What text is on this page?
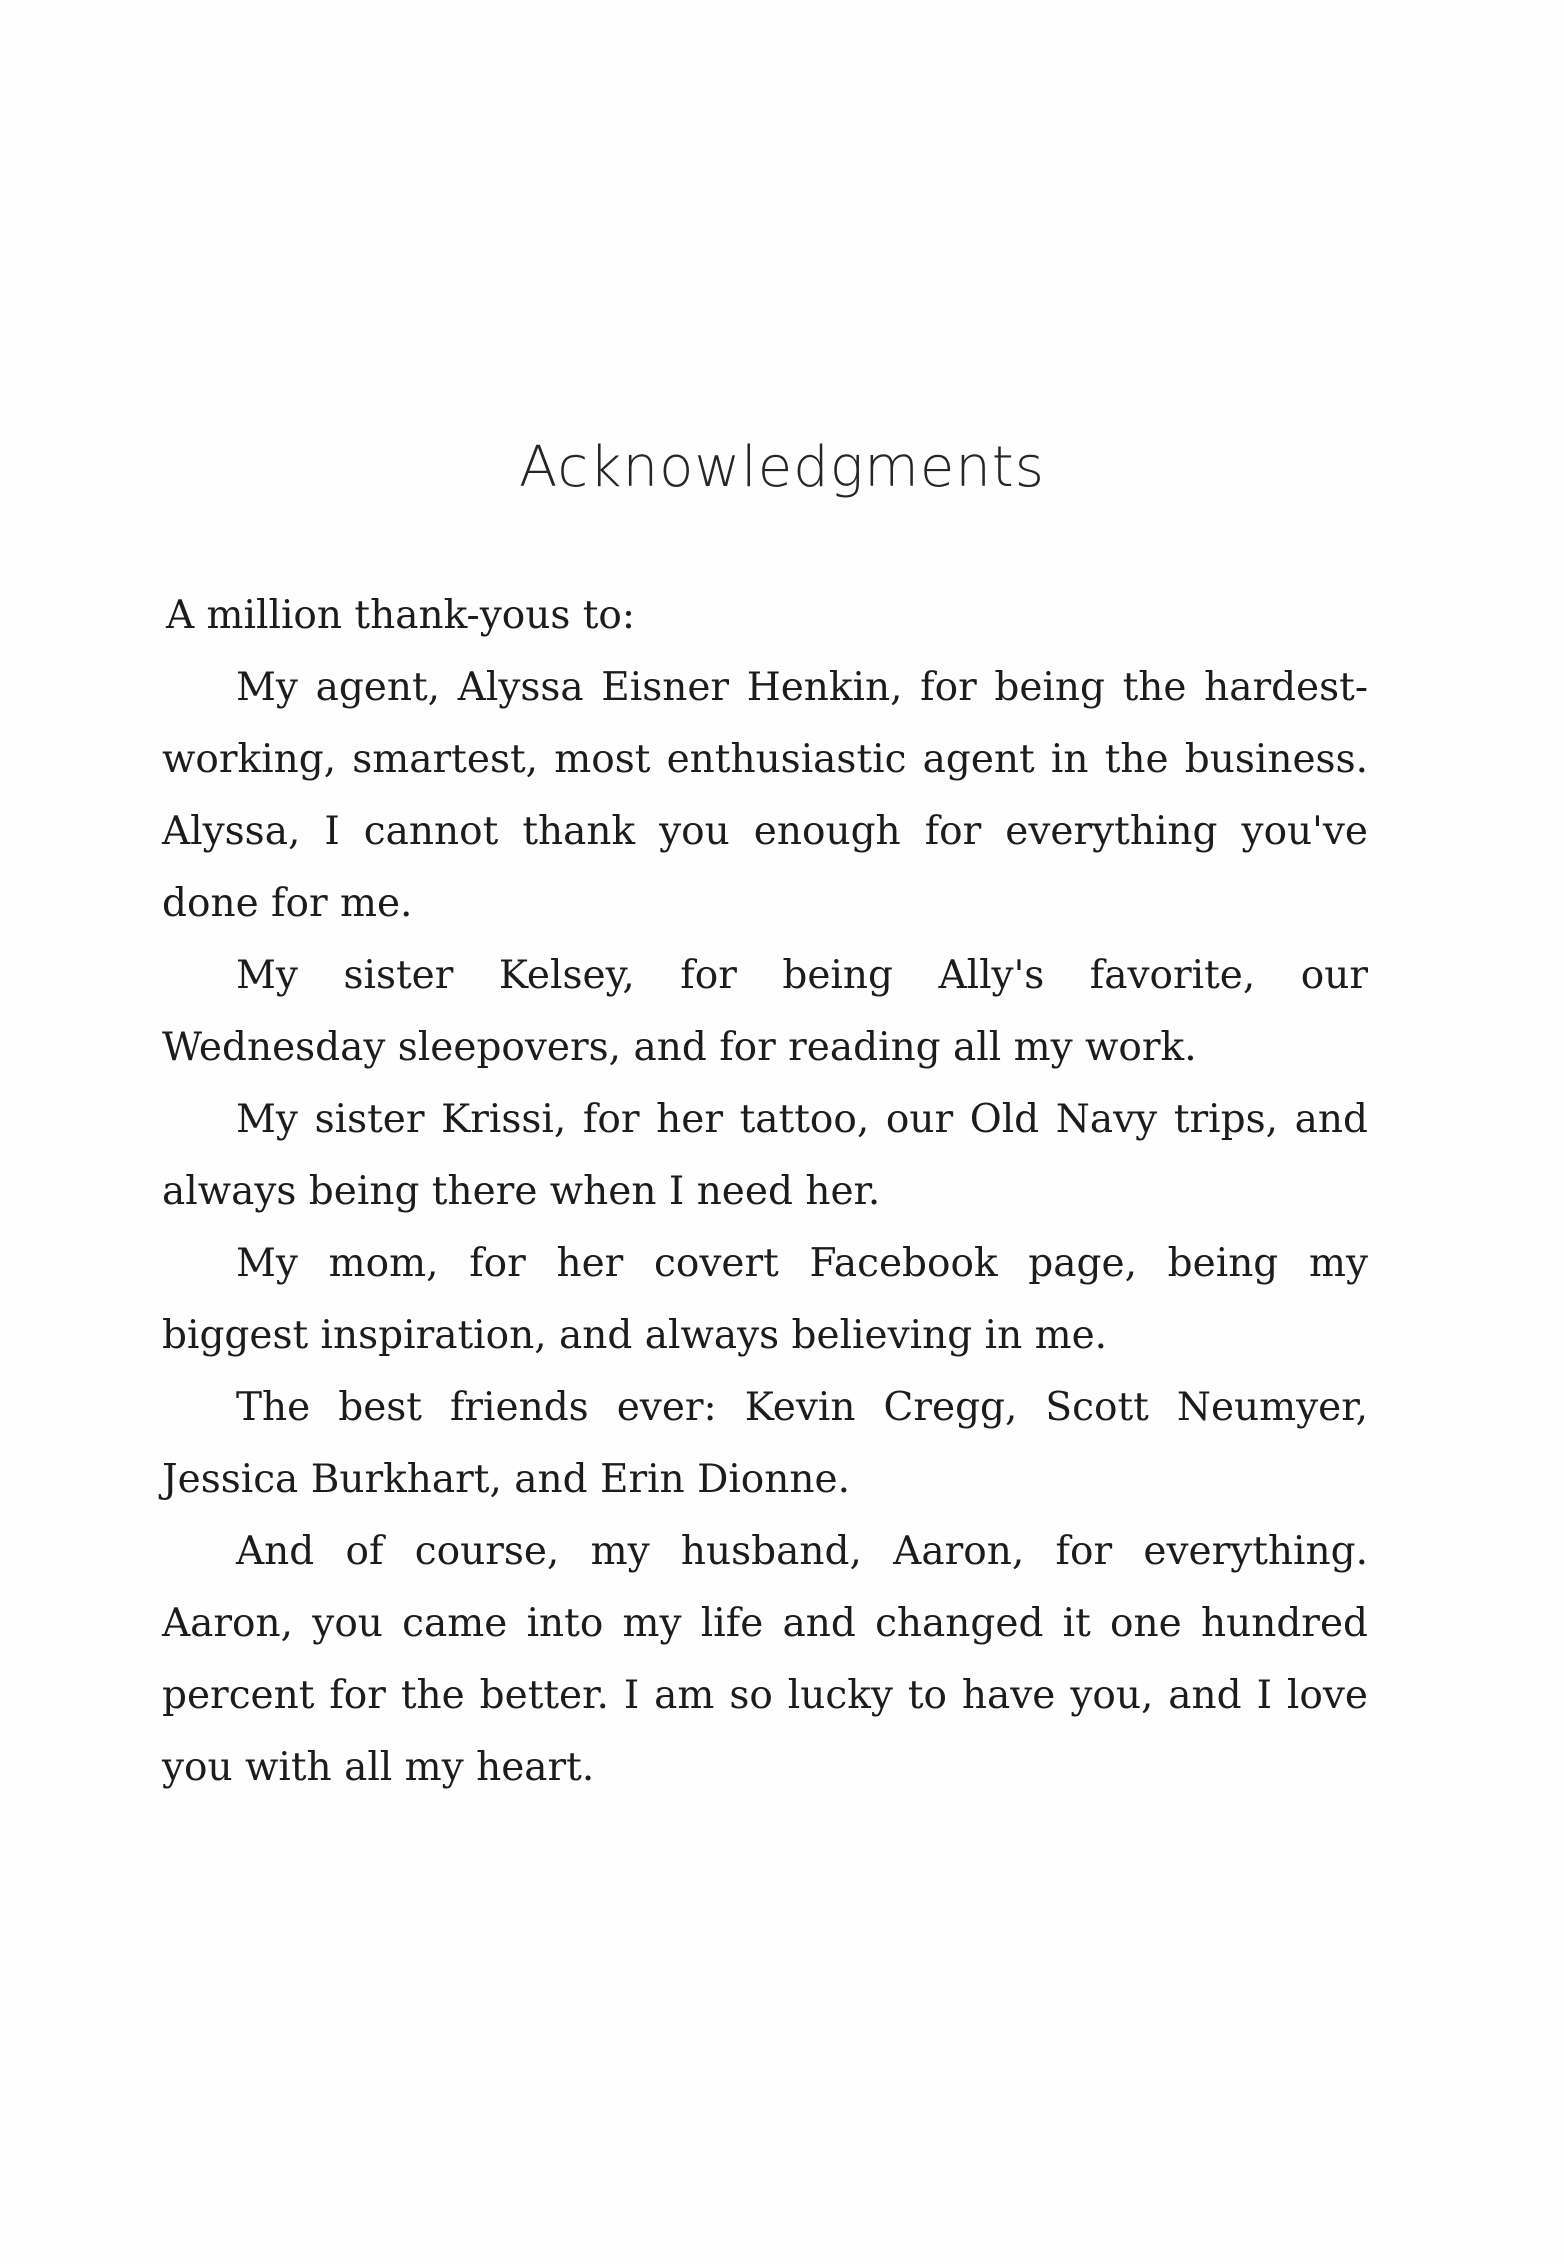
Acknowledgments

A million thank-yous to:

My agent, Alyssa Eisner Henkin, for being the hardest-working, smartest, most enthusiastic agent in the business. Alyssa, I cannot thank you enough for everything you've done for me.

My sister Kelsey, for being Ally's favorite, our Wednesday sleepovers, and for reading all my work.

My sister Krissi, for her tattoo, our Old Navy trips, and always being there when I need her.

My mom, for her covert Facebook page, being my biggest inspiration, and always believing in me.

The best friends ever: Kevin Cregg, Scott Neumyer, Jessica Burkhart, and Erin Dionne.

And of course, my husband, Aaron, for everything. Aaron, you came into my life and changed it one hundred percent for the better. I am so lucky to have you, and I love you with all my heart.
